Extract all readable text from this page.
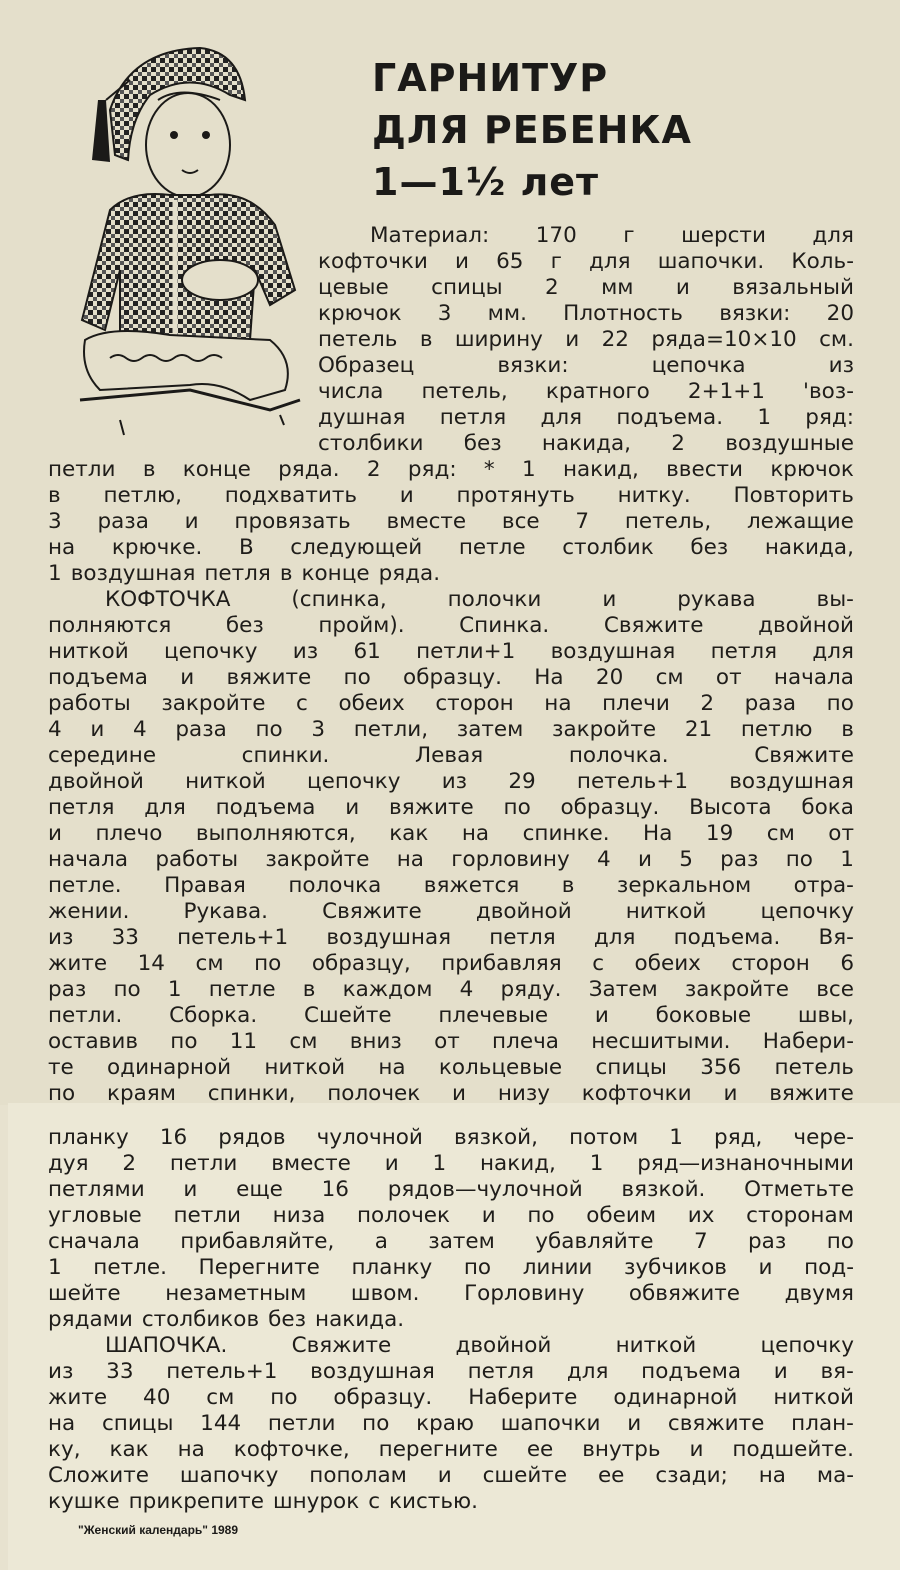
ГАРНИТУР
ДЛЯ РЕБЕНКА
1—1½ лет
Материал: 170 г шерсти для
кофточки и 65 г для шапочки. Коль-
цевые спицы 2 мм и вязальный
крючок 3 мм. Плотность вязки: 20
петель в ширину и 22 ряда=10×10 см.
Образец	вязки:	цепочка	из
числа петель, кратного 2+1+1 'воз-
душная петля для подъема. 1 ряд:
столбики без накида, 2 воздушные
петли в конце ряда. 2 ряд: * 1 накид, ввести крючок
в петлю, подхватить и протянуть нитку. Повторить
3 раза и провязать вместе все 7 петель, лежащие
на крючке. В следующей петле столбик без накида,
1 воздушная петля в конце ряда.
КОФТОЧКА	(спинка,	полочки	и	рукава	вы-
полняются	без	пройм).	Спинка.	Свяжите	двойной
ниткой цепочку из 61 петли+1 воздушная петля для
подъема и вяжите по образцу. На 20 см от начала
работы закройте с обеих сторон на плечи 2 раза по
4 и 4 раза по 3 петли, затем закройте 21 петлю в
середине	спинки.	Левая	полочка.	Свяжите
двойной ниткой цепочку из 29 петель+1 воздушная
петля для подъема и вяжите по образцу. Высота бока
и плечо выполняются, как на спинке. На 19 см от
начала работы закройте на горловину 4 и 5 раз по 1
петле. Правая полочка вяжется в зеркальном отра-
жении.	Рукава.	Свяжите	двойной	ниткой	цепочку
из 33 петель+1 воздушная петля для подъема. Вя-
жите 14 см по образцу, прибавляя с обеих сторон 6
раз по 1 петле в каждом 4 ряду. Затем закройте все
петли. Сборка. Сшейте плечевые и боковые швы,
оставив по 11 см вниз от плеча несшитыми. Набери-
те одинарной ниткой на кольцевые спицы 356 петель
по краям спинки, полочек и низу кофточки и вяжите
планку 16 рядов чулочной вязкой, потом 1 ряд, чере-
дуя 2 петли вместе и 1 накид, 1 ряд—изнаночными
петлями и еще 16 рядов—чулочной вязкой. Отметьте
угловые петли низа полочек и по обеим их сторонам
сначала прибавляйте, а затем убавляйте 7 раз по
1 петле. Перегните планку по линии зубчиков и под-
шейте незаметным швом. Горловину обвяжите двумя
рядами столбиков без накида.
ШАПОЧКА.	Свяжите	двойной	ниткой	цепочку
из 33 петель+1 воздушная петля для подъема и вя-
жите 40 см по образцу. Наберите одинарной ниткой
на спицы 144 петли по краю шапочки и свяжите план-
ку, как на кофточке, перегните ее внутрь и подшейте.
Сложите шапочку пополам и сшейте ее сзади; на ма-
кушке прикрепите шнурок с кистью.
"Женский календарь" 1989
